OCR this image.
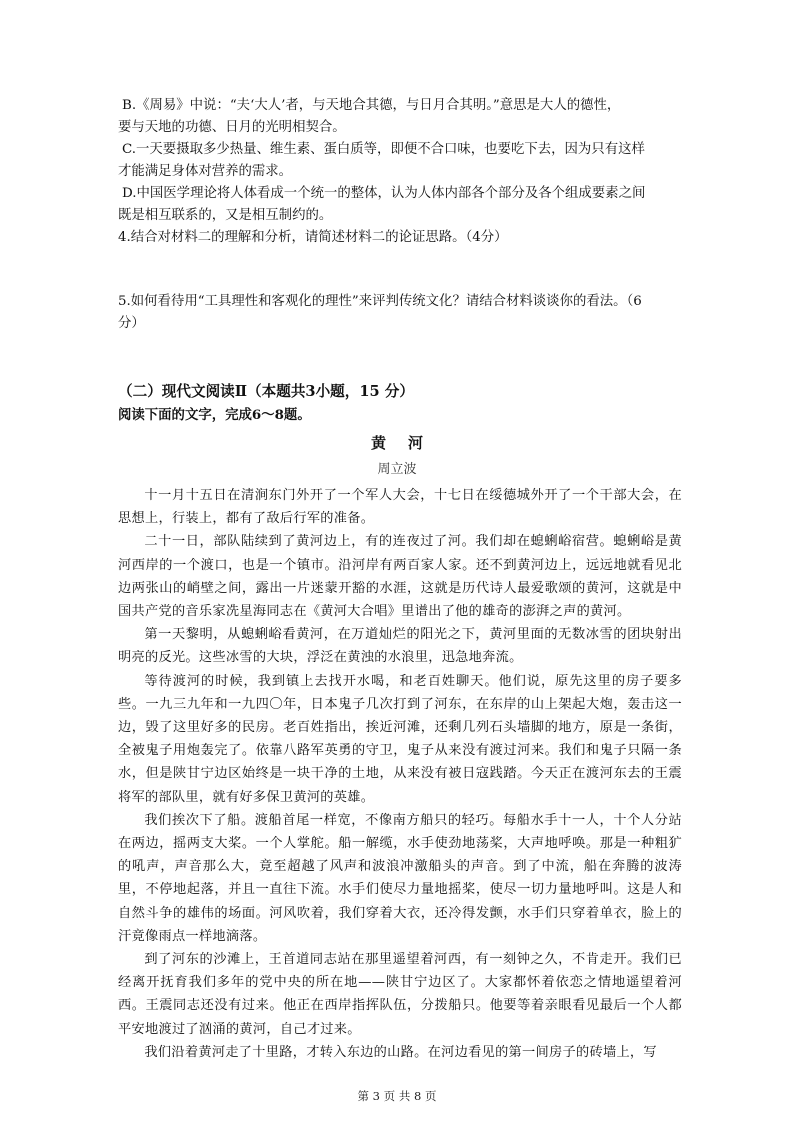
B.《周易》中说：“夫‘大人’者，与天地合其德，与日月合其明。”意思是大人的德性，

要与天地的功德、日月的光明相契合。

C.一天要摄取多少热量、维生素、蛋白质等，即便不合口味，也要吃下去，因为只有这样

才能满足身体对营养的需求。

D.中国医学理论将人体看成一个统一的整体，认为人体内部各个部分及各个组成要素之间

既是相互联系的，又是相互制约的。

4.结合对材料二的理解和分析，请简述材料二的论证思路。（4分）

5.如何看待用“工具理性和客观化的理性”来评判传统文化？请结合材料谈谈你的看法。（6
分）

（二）现代文阅读Ⅱ（本题共3小题，15 分）

阅读下面的文字，完成6～8题。

黄河

周立波

十一月十五日在清涧东门外开了一个军人大会，十七日在绥德城外开了一个干部大会，在思想上，行装上，都有了敌后行军的准备。

二十一日，部队陆续到了黄河边上，有的连夜过了河。我们却在螅蜊峪宿营。螅蜊峪是黄河西岸的一个渡口，也是一个镇市。沿河岸有两百家人家。还不到黄河边上，远远地就看见北边两张山的峭壁之间，露出一片迷蒙开豁的水涯，这就是历代诗人最爱歌颂的黄河，这就是中国共产党的音乐家冼星海同志在《黄河大合唱》里谱出了他的雄奇的澎湃之声的黄河。

第一天黎明，从螅蜊峪看黄河，在万道灿烂的阳光之下，黄河里面的无数冰雪的团块射出明亮的反光。这些冰雪的大块，浮泛在黄浊的水浪里，迅急地奔流。

等待渡河的时候，我到镇上去找开水喝，和老百姓聊天。他们说，原先这里的房子要多些。一九三九年和一九四〇年，日本鬼子几次打到了河东，在东岸的山上架起大炮，轰击这一边，毁了这里好多的民房。老百姓指出，挨近河滩，还剩几列石头墙脚的地方，原是一条街，全被鬼子用炮轰完了。依靠八路军英勇的守卫，鬼子从来没有渡过河来。我们和鬼子只隔一条水，但是陕甘宁边区始终是一块干净的土地，从来没有被日寇践踏。今天正在渡河东去的王震将军的部队里，就有好多保卫黄河的英雄。

我们挨次下了船。渡船首尾一样宽，不像南方船只的轻巧。每船水手十一人，十个人分站在两边，摇两支大桨。一个人掌舵。船一解缆，水手使劲地荡桨，大声地呼唤。那是一种粗犷的吼声，声音那么大，竟至超越了风声和波浪冲激船头的声音。到了中流，船在奔腾的波涛里，不停地起落，并且一直往下流。水手们使尽力量地摇桨，使尽一切力量地呼叫。这是人和自然斗争的雄伟的场面。河风吹着，我们穿着大衣，还冷得发颤，水手们只穿着单衣，脸上的汗竟像雨点一样地滴落。

到了河东的沙滩上，王首道同志站在那里遥望着河西，有一刻钟之久，不肯走开。我们已经离开抚育我们多年的党中央的所在地——陕甘宁边区了。大家都怀着依恋之情地遥望着河西。王震同志还没有过来。他正在西岸指挥队伍，分拨船只。他要等着亲眼看见最后一个人都平安地渡过了汹涌的黄河，自己才过来。

我们沿着黄河走了十里路，才转入东边的山路。在河边看见的第一间房子的砖墙上，写

第 3 页 共 8 页
